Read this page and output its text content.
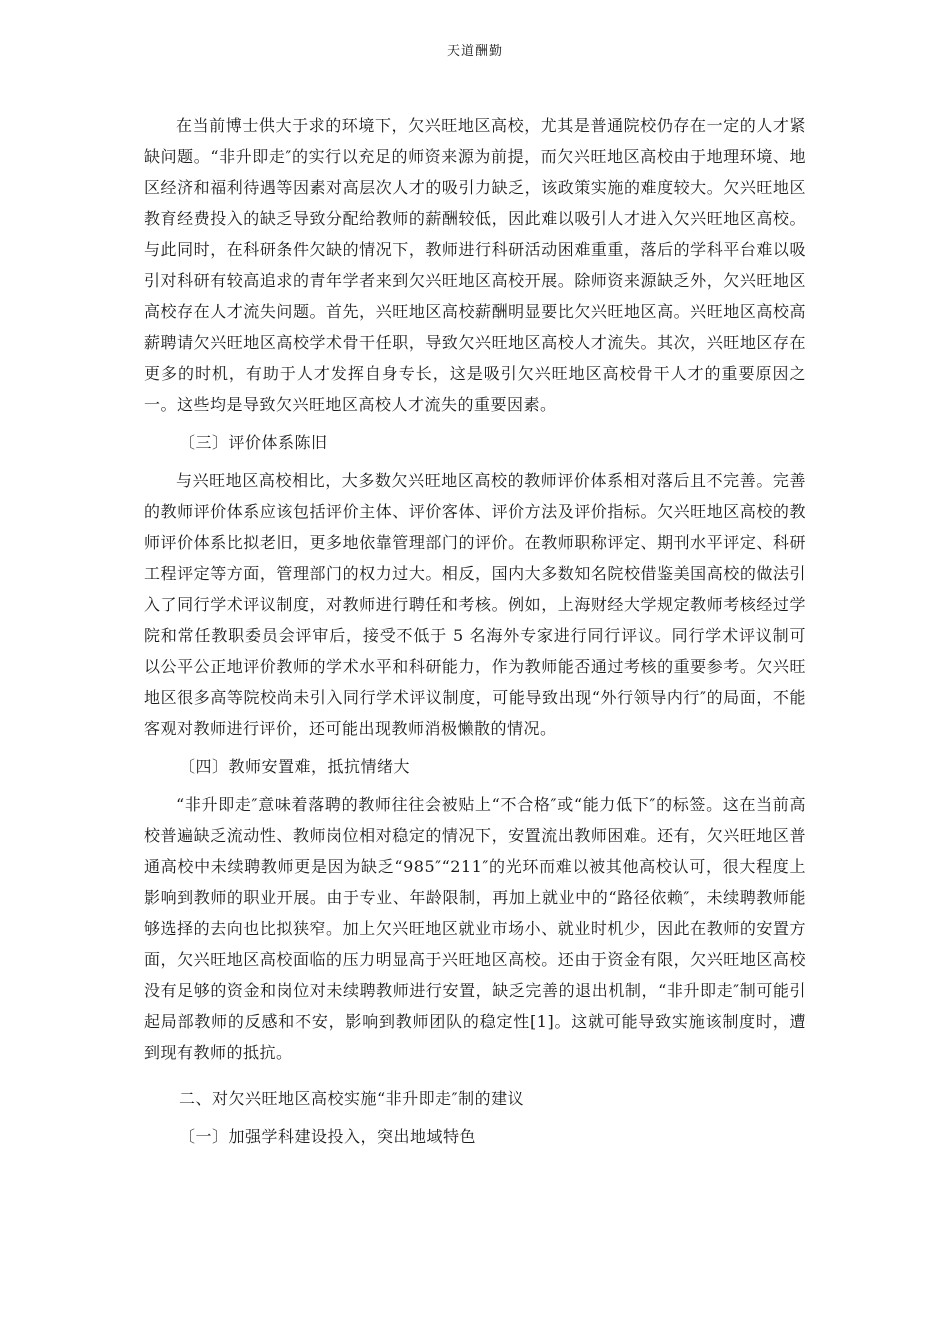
天道酬勤

在当前博士供大于求的环境下，欠兴旺地区高校，尤其是普通院校仍存在一定的人才紧缺问题。“非升即走″的实行以充足的师资来源为前提，而欠兴旺地区高校由于地理环境、地区经济和福利待遇等因素对高层次人才的吸引力缺乏，该政策实施的难度较大。欠兴旺地区教育经费投入的缺乏导致分配给教师的薪酬较低，因此难以吸引人才进入欠兴旺地区高校。与此同时，在科研条件欠缺的情况下，教师进行科研活动困难重重，落后的学科平台难以吸引对科研有较高追求的青年学者来到欠兴旺地区高校开展。除师资来源缺乏外，欠兴旺地区高校存在人才流失问题。首先，兴旺地区高校薪酬明显要比欠兴旺地区高。兴旺地区高校高薪聘请欠兴旺地区高校学术骨干任职，导致欠兴旺地区高校人才流失。其次，兴旺地区存在更多的时机，有助于人才发挥自身专长，这是吸引欠兴旺地区高校骨干人才的重要原因之一。这些均是导致欠兴旺地区高校人才流失的重要因素。

〔三〕评价体系陈旧

与兴旺地区高校相比，大多数欠兴旺地区高校的教师评价体系相对落后且不完善。完善的教师评价体系应该包括评价主体、评价客体、评价方法及评价指标。欠兴旺地区高校的教师评价体系比拟老旧，更多地依靠管理部门的评价。在教师职称评定、期刊水平评定、科研工程评定等方面，管理部门的权力过大。相反，国内大多数知名院校借鉴美国高校的做法引入了同行学术评议制度，对教师进行聘任和考核。例如，上海财经大学规定教师考核经过学院和常任教职委员会评审后，接受不低于 5 名海外专家进行同行评议。同行学术评议制可以公平公正地评价教师的学术水平和科研能力，作为教师能否通过考核的重要参考。欠兴旺地区很多高等院校尚未引入同行学术评议制度，可能导致出现“外行领导内行″的局面，不能客观对教师进行评价，还可能出现教师消极懒散的情况。

〔四〕教师安置难，抵抗情绪大

“非升即走″意味着落聘的教师往往会被贴上“不合格″或“能力低下″的标签。这在当前高校普遍缺乏流动性、教师岗位相对稳定的情况下，安置流出教师困难。还有，欠兴旺地区普通高校中未续聘教师更是因为缺乏“985″“211″的光环而难以被其他高校认可，很大程度上影响到教师的职业开展。由于专业、年龄限制，再加上就业中的“路径依赖″，未续聘教师能够选择的去向也比拟狭窄。加上欠兴旺地区就业市场小、就业时机少，因此在教师的安置方面，欠兴旺地区高校面临的压力明显高于兴旺地区高校。还由于资金有限，欠兴旺地区高校没有足够的资金和岗位对未续聘教师进行安置，缺乏完善的退出机制，“非升即走″制可能引起局部教师的反感和不安，影响到教师团队的稳定性[1]。这就可能导致实施该制度时，遭到现有教师的抵抗。

二、对欠兴旺地区高校实施“非升即走″制的建议

〔一〕加强学科建设投入，突出地域特色
